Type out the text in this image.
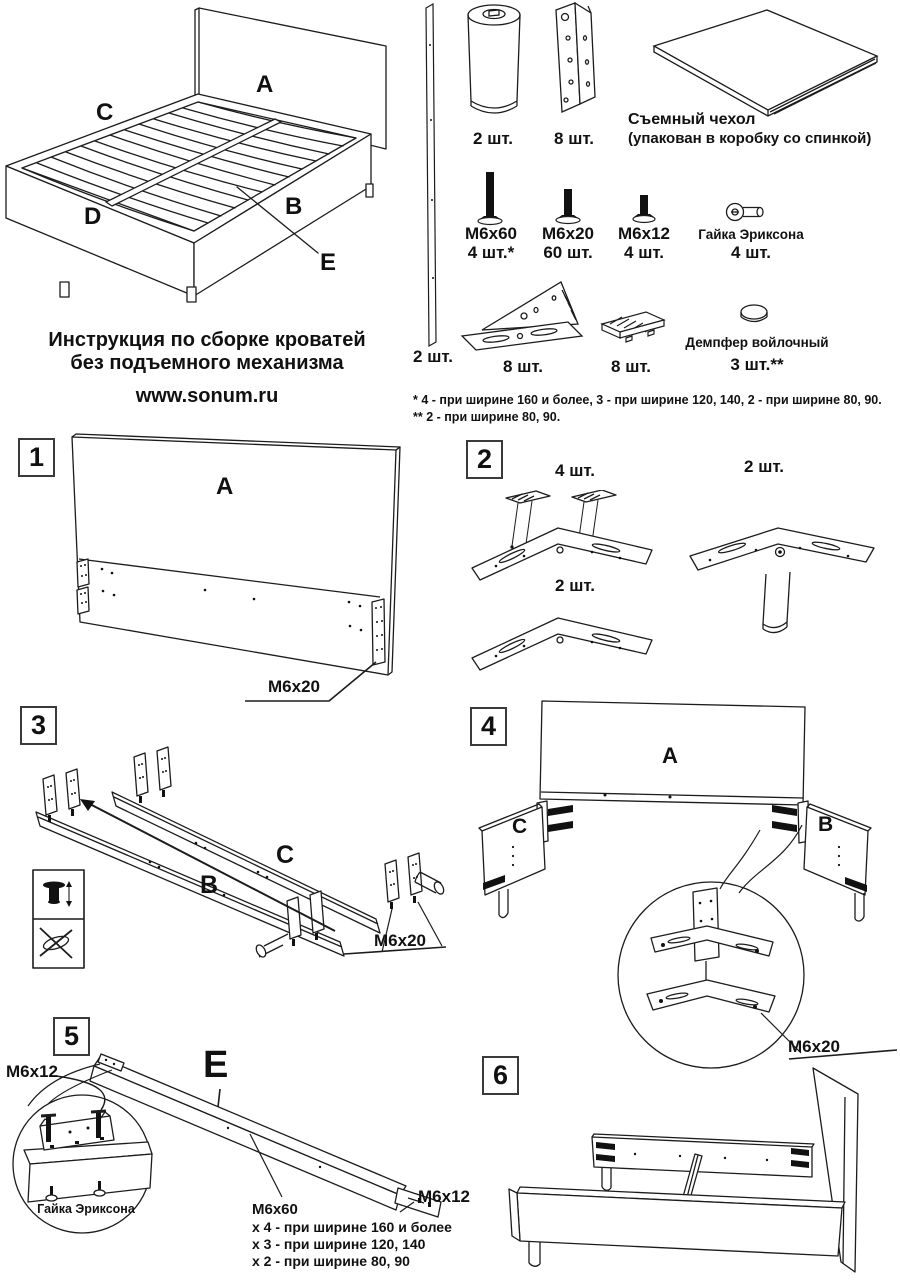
A
C
D	B
E
Инструкция по сборке кроватей
без подъемного механизма
www.sonum.ru
2 шт.
2 шт.	8 шт.
Съемный чехол
(упакован в коробку со спинкой)
M6x60
4 шт.*
M6x20
60 шт.
M6x12
4 шт.
Гайка Эриксона
4 шт.
8 шт.	8 шт.
Демпфер войлочный
3 шт.**
* 4 - при ширине 160 и более, 3 - при ширине 120, 140, 2 - при ширине 80, 90.
** 2 - при ширине 80, 90.
1
A
M6x20
2	4 шт.	2 шт.
2 шт.
3
B
C
M6x20
4
A
C	B
M6x20
5
M6x12	E
Гайка Эриксона
M6x12
M6x60
x 4 - при ширине 160 и более
x 3 - при ширине 120, 140
x 2 - при ширине 80, 90
6
